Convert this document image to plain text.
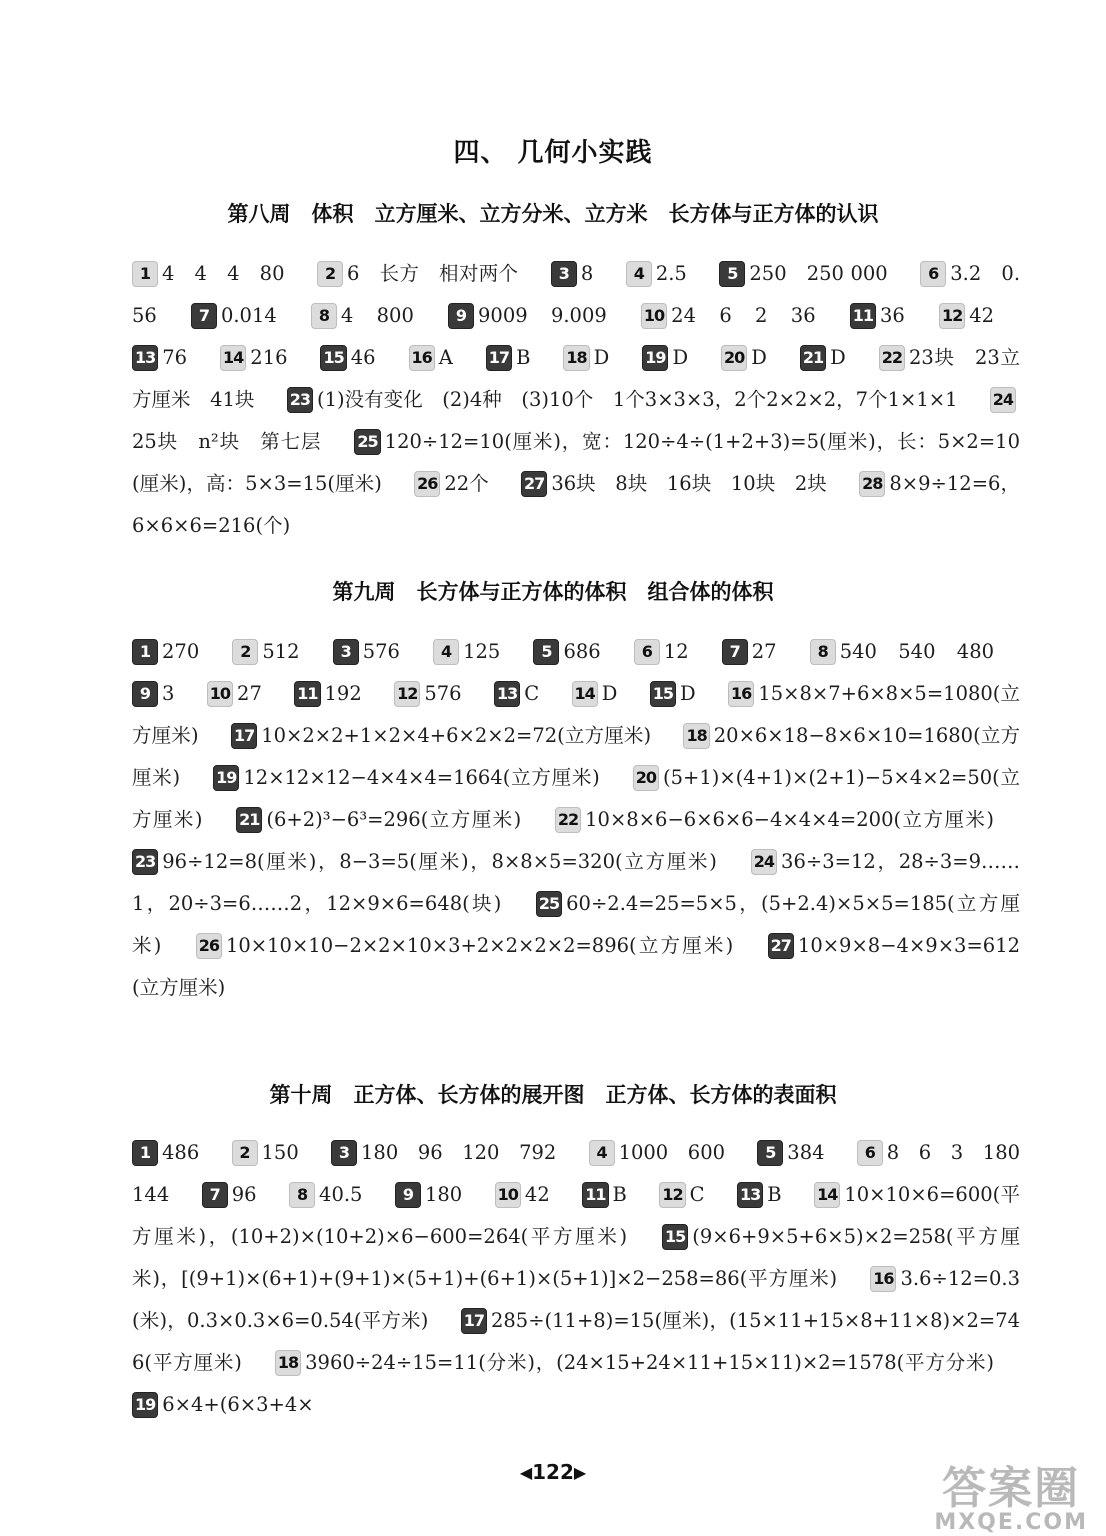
四、 几何小实践
第八周　体积　立方厘米、立方分米、立方米　长方体与正方体的认识
1 4　4　4　80	2 6　长方　相对两个	3 8	4 2.5	5 250　250 000	6 3.2　0.56	7 0.014	8 4　800	9 9009　9.009 10 24　6　2　36 11 36 12 42 13 76 14 216 15 46 16 A 17 B 18 D 19 D 20 D 21 D 22 23块　23立方厘米　41块 23 (1)没有变化　(2)4种　(3)10个　1个3×3×3，2个2×2×2，7个1×1×1 2425块　n²块　第七层 25 120÷12=10(厘米)，宽：120÷4÷(1+2+3)=5(厘米)，长：5×2=10(厘米)，高：5×3=15(厘米) 26 22个 27 36块　8块　16块　10块　2块 28 8×9÷12=6，6×6×6=216(个)
第九周　长方体与正方体的体积　组合体的体积
1 270	2 512	3 576	4 125	5 686	6 12	7 27	8 540　540　480 9 3 10 27 11 192 12 576 13 C 14 D 15 D 16 15×8×7+6×8×5=1080(立方厘米) 17 10×2×2+1×2×4+6×2×2=72(立方厘米) 18 20×6×18−8×6×10=1680(立方厘米) 19 12×12×12−4×4×4=1664(立方厘米) 20 (5+1)×(4+1)×(2+1)−5×4×2=50(立方厘米) 21 (6+2)³−6³=296(立方厘米) 22 10×8×6−6×6×6−4×4×4=200(立方厘米) 23 96÷12=8(厘米)，8−3=5(厘米)，8×8×5=320(立方厘米) 24 36÷3=12，28÷3=9……1，20÷3=6……2，12×9×6=648(块) 25 60÷2.4=25=5×5，(5+2.4)×5×5=185(立方厘米) 26 10×10×10−2×2×10×3+2×2×2×2=896(立方厘米) 27 10×9×8−4×9×3=612(立方厘米)
第十周　正方体、长方体的展开图　正方体、长方体的表面积
1 486	2 150	3 180　96　120　792	4 1000　600	5 384	6 8　6　3　180　144	7 96	8 40.5	9 180 10 42 11 B 12 C 13 B 14 10×10×6=600(平方厘米)，(10+2)×(10+2)×6−600=264(平方厘米) 15 (9×6+9×5+6×5)×2=258(平方厘米)，[(9+1)×(6+1)+(9+1)×(5+1)+(6+1)×(5+1)]×2−258=86(平方厘米) 16 3.6÷12=0.3(米)，0.3×0.3×6=0.54(平方米) 17 285÷(11+8)=15(厘米)，(15×11+15×8+11×8)×2=746(平方厘米) 18 3960÷24÷15=11(分米)，(24×15+24×11+15×11)×2=1578(平方分米) 19 6×4+(6×3+4×
◀122▶	答案圈
MXQE.COM
